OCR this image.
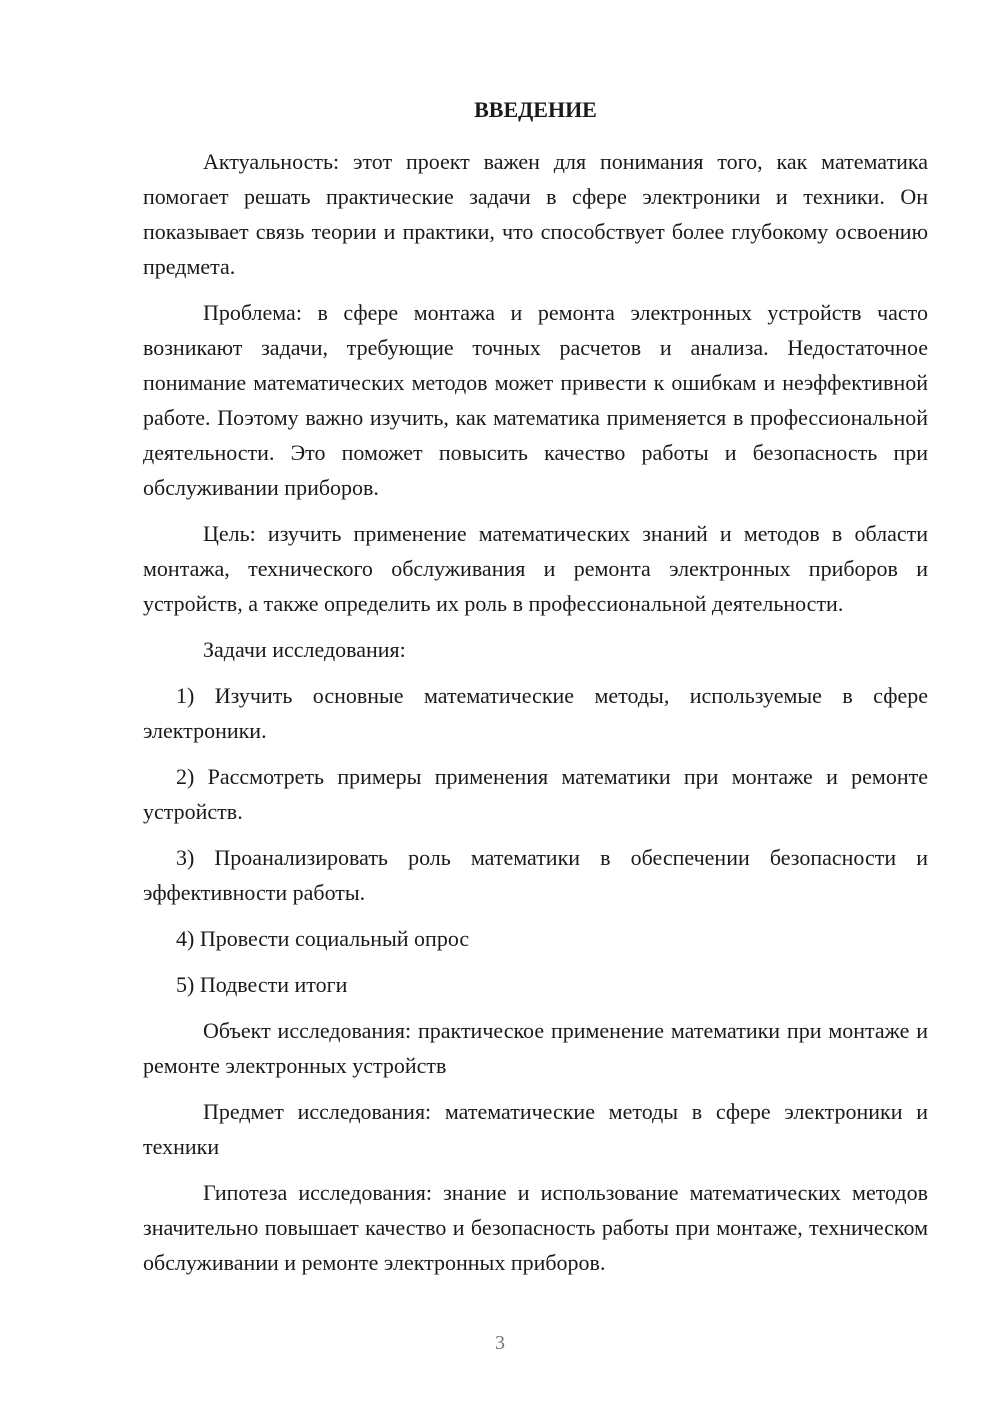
ВВЕДЕНИЕ

Актуальность: этот проект важен для понимания того, как математика помогает решать практические задачи в сфере электроники и техники. Он показывает связь теории и практики, что способствует более глубокому освоению предмета.

Проблема: в сфере монтажа и ремонта электронных устройств часто возникают задачи, требующие точных расчетов и анализа. Недостаточное понимание математических методов может привести к ошибкам и неэффективной работе. Поэтому важно изучить, как математика применяется в профессиональной деятельности. Это поможет повысить качество работы и безопасность при обслуживании приборов.

Цель: изучить применение математических знаний и методов в области монтажа, технического обслуживания и ремонта электронных приборов и устройств, а также определить их роль в профессиональной деятельности.

Задачи исследования:

1) Изучить основные математические методы, используемые в сфере электроники.

2) Рассмотреть примеры применения математики при монтаже и ремонте устройств.

3) Проанализировать роль математики в обеспечении безопасности и эффективности работы.

4) Провести социальный опрос

5) Подвести итоги

Объект исследования: практическое применение математики при монтаже и ремонте электронных устройств

Предмет исследования: математические методы в сфере электроники и техники

Гипотеза исследования: знание и использование математических методов значительно повышает качество и безопасность работы при монтаже, техническом обслуживании и ремонте электронных приборов.

3
